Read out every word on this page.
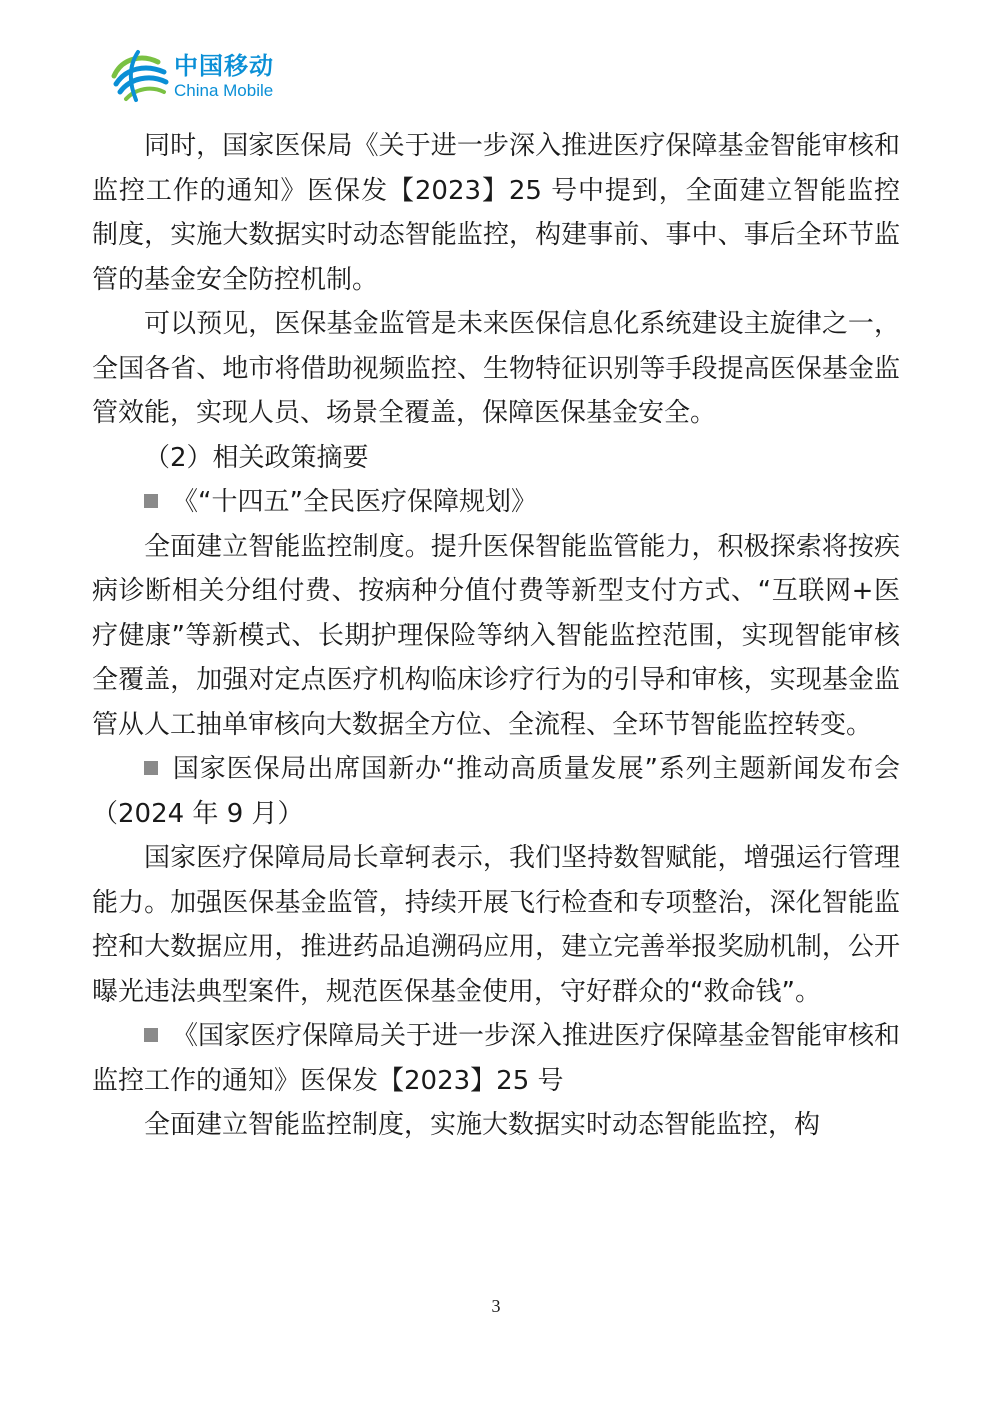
中国移动
China Mobile

同时，国家医保局《关于进一步深入推进医疗保障基金智能审核和监控工作的通知》医保发【2023】25 号中提到，全面建立智能监控制度，实施大数据实时动态智能监控，构建事前、事中、事后全环节监管的基金安全防控机制。

可以预见，医保基金监管是未来医保信息化系统建设主旋律之一，全国各省、地市将借助视频监控、生物特征识别等手段提高医保基金监管效能，实现人员、场景全覆盖，保障医保基金安全。

（2）相关政策摘要

《“十四五”全民医疗保障规划》

全面建立智能监控制度。提升医保智能监管能力，积极探索将按疾病诊断相关分组付费、按病种分值付费等新型支付方式、“互联网+医疗健康”等新模式、长期护理保险等纳入智能监控范围，实现智能审核全覆盖，加强对定点医疗机构临床诊疗行为的引导和审核，实现基金监管从人工抽单审核向大数据全方位、全流程、全环节智能监控转变。

国家医保局出席国新办“推动高质量发展”系列主题新闻发布会（2024 年 9 月）

国家医疗保障局局长章轲表示，我们坚持数智赋能，增强运行管理能力。加强医保基金监管，持续开展飞行检查和专项整治，深化智能监控和大数据应用，推进药品追溯码应用，建立完善举报奖励机制，公开曝光违法典型案件，规范医保基金使用，守好群众的“救命钱”。

《国家医疗保障局关于进一步深入推进医疗保障基金智能审核和监控工作的通知》医保发【2023】25 号

全面建立智能监控制度，实施大数据实时动态智能监控，构

3
